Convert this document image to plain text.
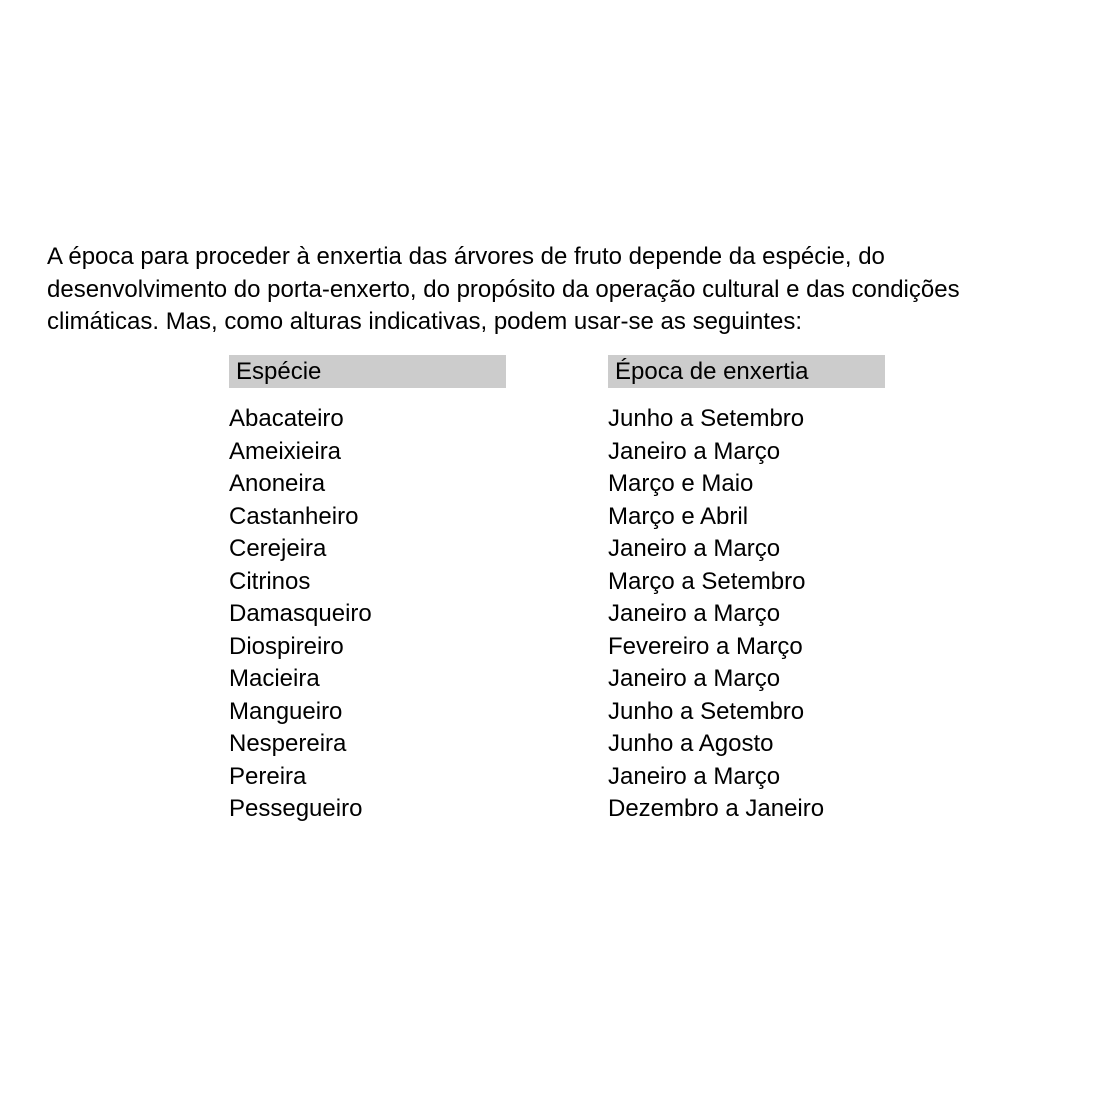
A época para proceder à enxertia das árvores de fruto depende da espécie, do
desenvolvimento do porta-enxerto, do propósito da operação cultural e das condições
climáticas. Mas, como alturas indicativas, podem usar-se as seguintes:

Espécie	Época de enxertia
Abacateiro
Ameixieira
Anoneira
Castanheiro
Cerejeira
Citrinos
Damasqueiro
Diospireiro
Macieira
Mangueiro
Nespereira
Pereira
Pessegueiro
Junho a Setembro
Janeiro a Março
Março e Maio
Março e Abril
Janeiro a Março
Março a Setembro
Janeiro a Março
Fevereiro a Março
Janeiro a Março
Junho a Setembro
Junho a Agosto
Janeiro a Março
Dezembro a Janeiro
